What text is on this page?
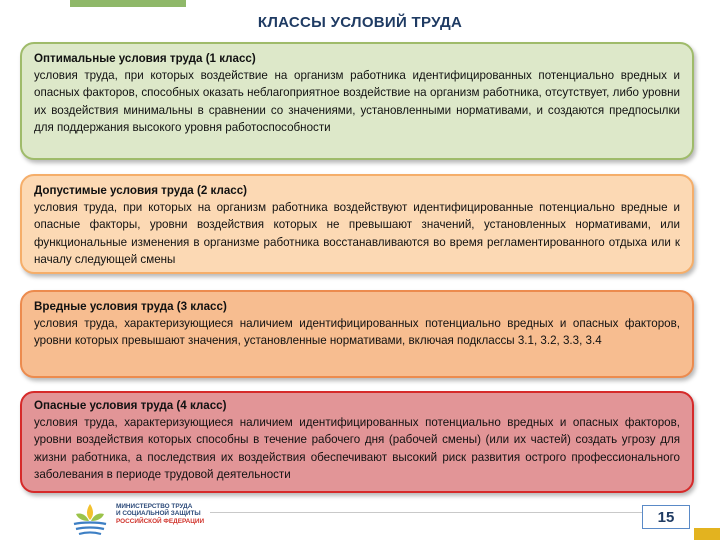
КЛАССЫ УСЛОВИЙ ТРУДА
Оптимальные условия труда (1 класс)
условия труда, при которых воздействие на организм работника идентифицированных потенциально вредных и опасных факторов, способных оказать неблагоприятное воздействие на организм работника, отсутствует, либо уровни их воздействия минимальны в сравнении со значениями, установленными нормативами, и создаются предпосылки для поддержания высокого уровня работоспособности
Допустимые условия труда (2 класс)
условия труда, при которых на организм работника воздействуют идентифицированные потенциально вредные и опасные факторы, уровни воздействия которых не превышают значений, установленных нормативами, или функциональные изменения в организме работника восстанавливаются во время регламентированного отдыха или к началу следующей смены
Вредные условия труда (3 класс)
условия труда, характеризующиеся наличием идентифицированных потенциально вредных и опасных факторов, уровни которых превышают значения, установленные нормативами, включая подклассы 3.1, 3.2, 3.3, 3.4
Опасные условия труда (4 класс)
условия труда, характеризующиеся наличием идентифицированных потенциально вредных и опасных факторов, уровни воздействия которых способны в течение рабочего дня (рабочей смены) (или их частей) создать угрозу для жизни работника, а последствия их воздействия обеспечивают высокий риск развития острого профессионального заболевания в периоде трудовой деятельности
МИНИСТЕРСТВО ТРУДА
И СОЦИАЛЬНОЙ ЗАЩИТЫ
РОССИЙСКОЙ ФЕДЕРАЦИИ	15
